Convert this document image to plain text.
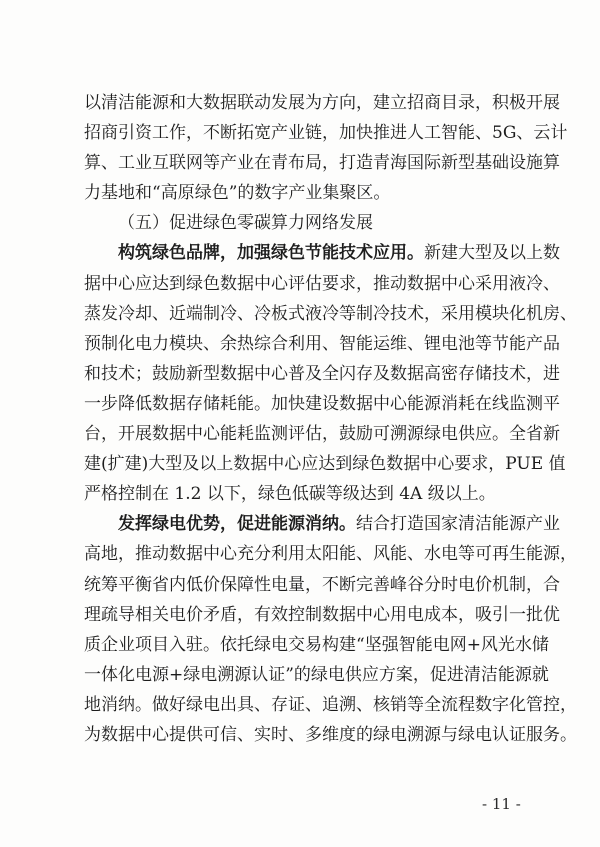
以清洁能源和大数据联动发展为方向，建立招商目录，积极开展
招商引资工作，不断拓宽产业链，加快推进人工智能、5G、云计
算、工业互联网等产业在青布局，打造青海国际新型基础设施算
力基地和“高原绿色”的数字产业集聚区。
（五）促进绿色零碳算力网络发展
构筑绿色品牌，加强绿色节能技术应用。新建大型及以上数
据中心应达到绿色数据中心评估要求，推动数据中心采用液冷、
蒸发冷却、近端制冷、冷板式液冷等制冷技术，采用模块化机房、
预制化电力模块、余热综合利用、智能运维、锂电池等节能产品
和技术；鼓励新型数据中心普及全闪存及数据高密存储技术，进
一步降低数据存储耗能。加快建设数据中心能源消耗在线监测平
台，开展数据中心能耗监测评估，鼓励可溯源绿电供应。全省新
建(扩建)大型及以上数据中心应达到绿色数据中心要求，PUE 值
严格控制在 1.2 以下，绿色低碳等级达到 4A 级以上。
发挥绿电优势，促进能源消纳。结合打造国家清洁能源产业
高地，推动数据中心充分利用太阳能、风能、水电等可再生能源，
统筹平衡省内低价保障性电量，不断完善峰谷分时电价机制，合
理疏导相关电价矛盾，有效控制数据中心用电成本，吸引一批优
质企业项目入驻。依托绿电交易构建“坚强智能电网+风光水储
一体化电源+绿电溯源认证”的绿电供应方案，促进清洁能源就
地消纳。做好绿电出具、存证、追溯、核销等全流程数字化管控，
为数据中心提供可信、实时、多维度的绿电溯源与绿电认证服务。
- 11 -
